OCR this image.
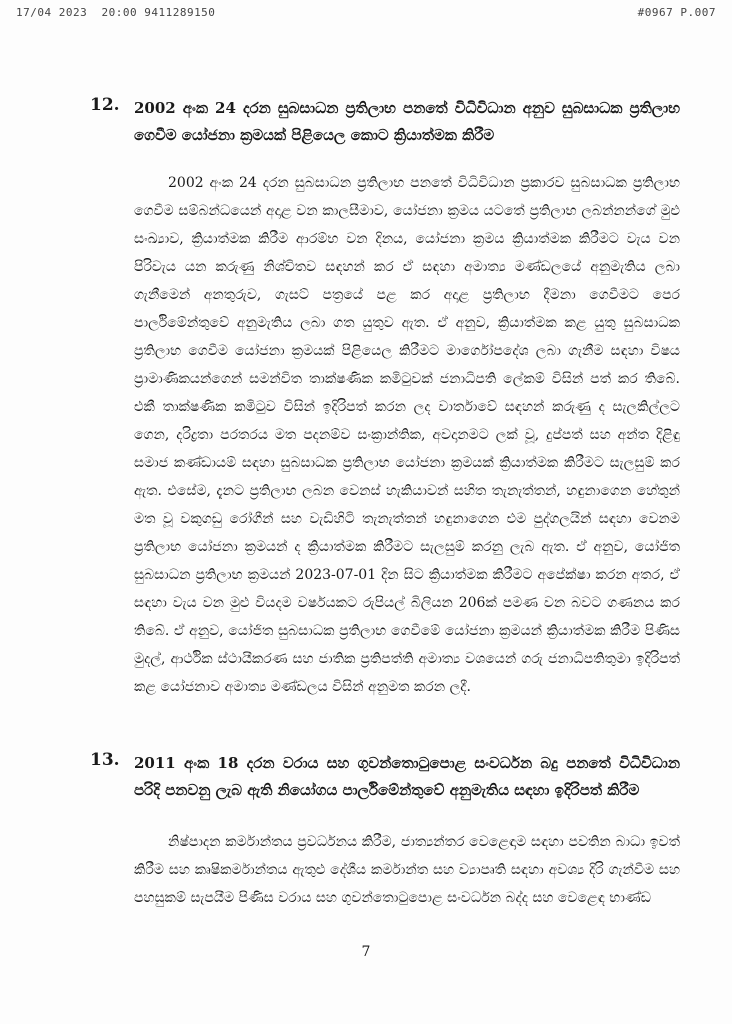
17/04 2023  20:00 9411289150	#0967 P.007
12. 2002 අංක 24 දරන සුබසාධන ප්‍රතිලාභ පනතේ විධිවිධාන අනුව සුබසාධක ප්‍රතිලාභ ගෙවීම යෝජනා ක්‍රමයක් පිළියෙල කොට ක්‍රියාත්මක කිරීම

2002 අංක 24 දරන සුබසාධන ප්‍රතිලාභ පනතේ විධිවිධාන ප්‍රකාරව සුබසාධක ප්‍රතිලාභ ගෙවීම සම්බන්ධයෙන් අදාළ වන කාලසීමාව, යෝජනා ක්‍රමය යටතේ ප්‍රතිලාභ ලබන්නන්ගේ මුළු සංඛ්‍යාව, ක්‍රියාත්මක කිරීම ආරම්භ වන දිනය, යෝජනා ක්‍රමය ක්‍රියාත්මක කිරීමට වැය වන පිරිවැය යන කරුණු නිශ්චිතව සඳහන් කර ඒ සඳහා අමාත්‍ය මණ්ඩලයේ අනුමැතිය ලබා ගැනීමෙන් අනතුරුව, ගැසට් පත්‍රයේ පළ කර අදාළ ප්‍රතිලාභ දීමනා ගෙවීමට පෙර පාර්ලිමේන්තුවේ අනුමැතිය ලබා ගත යුතුව ඇත. ඒ අනුව, ක්‍රියාත්මක කළ යුතු සුබසාධක ප්‍රතිලාභ ගෙවීම යෝජනා ක්‍රමයක් පිළියෙල කිරීමට මාර්ගෝපදේශ ලබා ගැනීම සඳහා විෂය ප්‍රාමාණිකයන්ගෙන් සමන්විත තාක්ෂණික කමිටුවක් ජනාධිපති ලේකම් විසින් පත් කර තිබේ. එකී තාක්ෂණික කමිටුව විසින් ඉදිරිපත් කරන ලද වාර්තාවේ සඳහන් කරුණු ද සැලකිල්ලට ගෙන, දරිද්‍රතා පරතරය මත පදනම්ව සංක්‍රාන්තික, අවදානමට ලක් වූ, දුප්පත් සහ අන්ත දිළිඳු සමාජ කණ්ඩායම් සඳහා සුබසාධක ප්‍රතිලාභ යෝජනා ක්‍රමයක් ක්‍රියාත්මක කිරීමට සැලසුම් කර ඇත. එසේම, දැනට ප්‍රතිලාභ ලබන වෙනස් හැකියාවන් සහිත තැනැත්තන්, හඳුනාගෙන හේතුන් මත වූ වකුගඩු රෝගීන් සහ වැඩිහිටි තැනැත්තන් හඳුනාගෙන එම පුද්ගලයින් සඳහා වෙනම ප්‍රතිලාභ යෝජනා ක්‍රමයන් ද ක්‍රියාත්මක කිරීමට සැලසුම් කරනු ලැබ ඇත. ඒ අනුව, යෝජිත සුබසාධන ප්‍රතිලාභ ක්‍රමයන් 2023-07-01 දින සිට ක්‍රියාත්මක කිරීමට අපේක්ෂා කරන අතර, ඒ සඳහා වැය වන මුළු වියදම වර්ෂයකට රුපියල් බිලියන 206ක් පමණ වන බවට ගණනය කර තිබේ. ඒ අනුව, යෝජිත සුබසාධක ප්‍රතිලාභ ගෙවීමේ යෝජනා ක්‍රමයන් ක්‍රියාත්මක කිරීම පිණිස මුදල්, ආර්ථික ස්ථායීකරණ සහ ජාතික ප්‍රතිපත්ති අමාත්‍ය වශයෙන් ගරු ජනාධිපතිතුමා ඉදිරිපත් කළ යෝජනාව අමාත්‍ය මණ්ඩලය විසින් අනුමත කරන ලදී.

13. 2011 අංක 18 දරන වරාය සහ ගුවන්තොටුපොළ සංවර්ධන බදු පනතේ විධිවිධාන පරිදි පනවනු ලැබ ඇති නියෝගය පාර්ලිමේන්තුවේ අනුමැතිය සඳහා ඉදිරිපත් කිරීම

නිෂ්පාදන කර්මාන්තය ප්‍රවර්ධනය කිරීම, ජාත්‍යන්තර වෙළෙඳාම සඳහා පවතින බාධා ඉවත් කිරීම සහ කෘෂිකර්මාන්තය ඇතුළු දේශීය කර්මාන්ත සහ ව්‍යාපෘති සඳහා අවශ්‍ය දිරි ගැන්වීම සහ පහසුකම් සැපයීම පිණිස වරාය සහ ගුවන්තොටුපොළ සංවර්ධන බද්ද සහ වෙළෙඳ භාණ්ඩ

7
